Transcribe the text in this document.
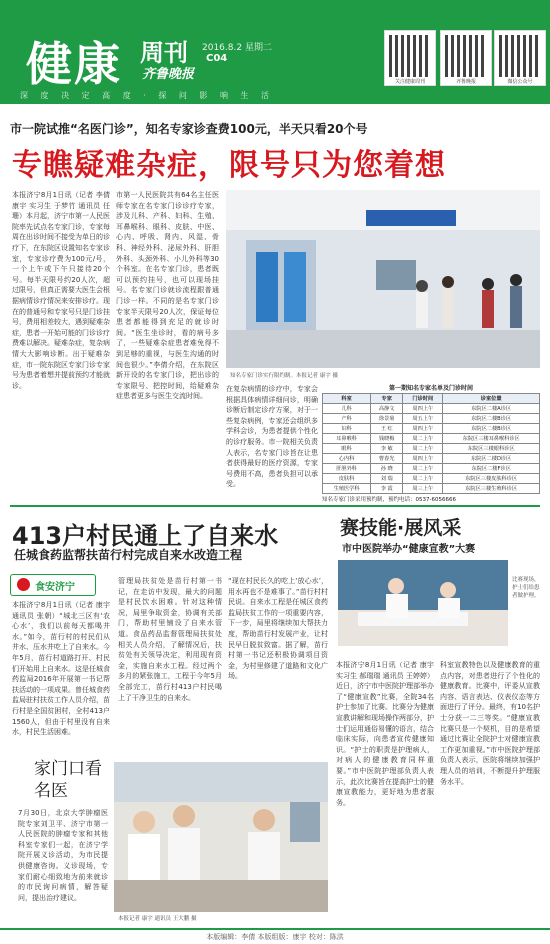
健康 周刊
齐鲁晚报
2016.8.2 星期二
C04
深 度 决 定 高 度 · 探 问 影 响 生 活
关注健康周刊	齐鲁晚报	微信公众号
市一院试推“名医门诊”，知名专家诊查费100元，半天只看20个号
专瞧疑难杂症，限号只为您着想
本报济宁8月1日讯（记者 李倩 康宇 实习生 于梦竹 通讯员 任珊）本月起，济宁市第一人民医院率先试点名专家门诊，专家每周在出诊时间不接受为单日的诊疗下，在东院区设置知名专家诊室，专家诊疗费为100元/号，一个上午或下午只接待20个号。每半天限号约20人次，超过限号，但真正需要大医生会根据病情诊疗情况来安排诊疗。现在的普通号和专家号只是门诊挂号，费用相差较大，遇到疑难杂症，患者一开始可能的门诊诊疗费难以解决。疑难杂症，复杂病情大大影响诊断。出于疑难杂症，市一院东院区专家门诊专家号为患者着想并提前预约才能就诊。
市第一人民医院共有64名主任医师专家在名专家门诊诊疗专家，涉及儿科、产科、妇科、生殖、耳鼻喉科、眼科、皮肤、中医、心内、呼吸、肾内、风湿、骨科、神经外科、泌尿外科、肝胆外科、头颈外科、小儿外科等30个科室。在名专家门诊，患者既可以预约挂号，也可以现场挂号。名专家门诊就诊流程跟普通门诊一样。不同的是名专家门诊专家半天限号20人次，保证每位患者都能得到充足的就诊时间。“医生坐诊时，看的病号多了，一些疑难杂症患者难免得不到足够的重视，与医生沟通的时间也很少。”李倩介绍，在东院区新开设的名专家门诊，把出诊的专家限号、把控时间，给疑难杂症患者更多与医生交流时间。
知名专家门诊实行限约制。本报记者 康宇 摄
在复杂病情的诊疗中，专家会根据具体病情详细问诊，明确诊断后制定诊疗方案，对于一些复杂病例，专家还会组织多学科会诊，为患者提供个性化的诊疗服务。市一院相关负责人表示，名专家门诊旨在让患者获得最好的医疗资源，专家号费用不高，患者负担可以承受。
第一期知名专家名单及门诊时间
科室	专家	门诊时间	诊室位置
儿科	高静文	周四上午	东院区二楼A诊区
产科	徐景菊	周五上午	东院区二楼B诊区
妇科	王 红	周四上午	东院区二楼B诊区
耳鼻喉科	钱晓梅	周二上午	东院区三楼耳鼻喉科诊区
眼科	李 敏	周二上午	东院区三楼眼科诊区
心内科	曹春光	周四上午	东院区二楼D诊区
肝胆外科	孙 晓	周二上午	东院区二楼F诊区
皮肤科	刘 瑞	周二上午	东院区三楼皮肤科诊区
生殖医学科	李 霞	周三上午	东院区三楼生殖科诊区
知名专家门诊采用预约制，预约电话：0537-6056666
413户村民通上了自来水
任城食药监帮扶苗行村完成自来水改造工程
食安济宁
本报济宁8月1日讯（记者 康宇 通讯员 张朝）“城北三区有‘农心水’，我们以前每天都喝井水。”如今，苗行村的村民们从井水、压水井吃上了自来水。今年5月，苗行村道路打开、村民们开始用上自来水。这是任城食药监局2016年开展第一书记帮扶活动的一项成果。曾任城食药监局驻村扶贫工作人员介绍，苗行村是全国贫困村，全村413户1560人，但由于村里没有自来水，村民生活困难。
管理局扶贫处是苗行村第一书记，在走访中发现，最大的问题是村民饮水困难。针对这种情况，局里争取资金，协调有关部门，帮助村里铺设了自来水管道。食品药品监督管理局扶贫处相关人员介绍，了解情况后，扶贫处有关领导决定，利用现有资金，实施自来水工程。经过两个多月的紧张施工，工程于今年5月全部完工，苗行村413户村民喝上了干净卫生的自来水。
“现在村民长久的吃上‘放心水’，用水再也不是难事了。”苗行村村民说。自来水工程是任城区食药监局扶贫工作的一项重要内容，下一步，局里将继续加大帮扶力度，帮助苗行村发展产业，让村民早日脱贫致富。据了解，苗行村第一书记还积极协调项目资金，为村里修建了道路和文化广场。
赛技能·展风采
市中医院举办“健康宣教”大赛
比赛现场，护士们给患者做护理。
本报济宁8月1日讯（记者 康宇 实习生 郝瑞瑞 通讯员 王婷婷）近日，济宁市中医院护理部举办了“健康宣教”比赛，全院34名护士参加了比赛。比赛分为健康宣教讲解和现场操作两部分，护士们运用通俗易懂的语言，结合临床实际，向患者宣传健康知识。“护士的职责是护理病人，对病人的健康教育同样重要。”市中医院护理部负责人表示，此次比赛旨在提高护士的健康宣教能力，更好地为患者服务。
科室宣教特色以及健康教育的重点内容，对患者进行了个性化的健康教育。比赛中，评委从宣教内容、语言表达、仪表仪态等方面进行了评分。最终，有10名护士分获一二三等奖。“健康宣教比赛只是一个契机，目的是希望通过比赛让全院护士对健康宣教工作更加重视。”市中医院护理部负责人表示，医院将继续加强护理人员的培训，不断提升护理服务水平。
家门口看名医
7月30日，北京大学肿瘤医院专家刘卫平、济宁市第一人民医院的肿瘤专家和其他科室专家们一起，在济宁学院开展义诊活动，为市民提供健康咨询。义诊现场，专家们耐心细致地为前来就诊的市民询问病情，解答疑问，提出治疗建议。
本报记者 康宇 通讯员 王大鹏 摄
本版编辑：李倩 本版组版：康宇 校对：陈洪
